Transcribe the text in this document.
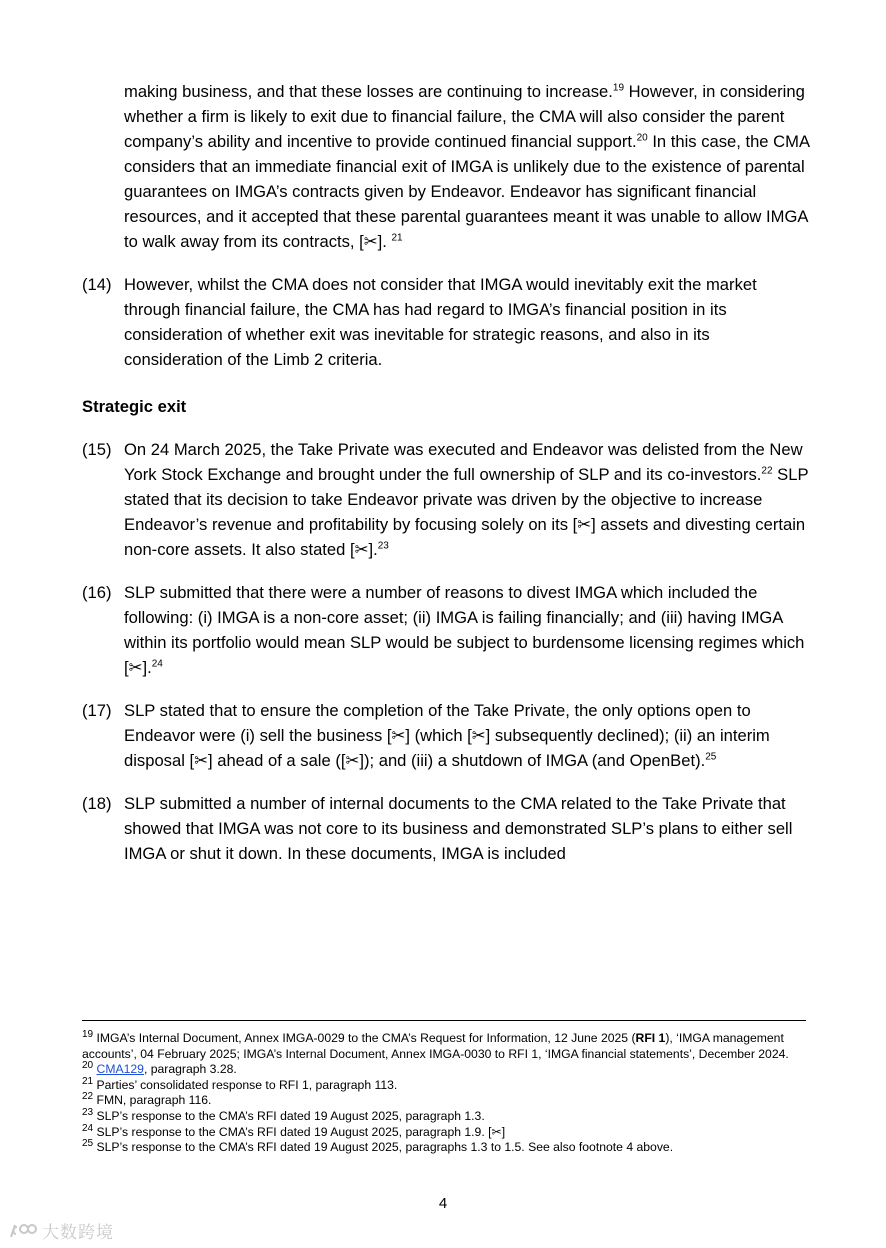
making business, and that these losses are continuing to increase.$^{19}$ However, in considering whether a firm is likely to exit due to financial failure, the CMA will also consider the parent company’s ability and incentive to provide continued financial support.$^{20}$ In this case, the CMA considers that an immediate financial exit of IMGA is unlikely due to the existence of parental guarantees on IMGA’s contracts given by Endeavor. Endeavor has significant financial resources, and it accepted that these parental guarantees meant it was unable to allow IMGA to walk away from its contracts, [✂]. $^{21}$

(14) However, whilst the CMA does not consider that IMGA would inevitably exit the market through financial failure, the CMA has had regard to IMGA’s financial position in its consideration of whether exit was inevitable for strategic reasons, and also in its consideration of the Limb 2 criteria.

Strategic exit

(15) On 24 March 2025, the Take Private was executed and Endeavor was delisted from the New York Stock Exchange and brought under the full ownership of SLP and its co-investors.$^{22}$ SLP stated that its decision to take Endeavor private was driven by the objective to increase Endeavor’s revenue and profitability by focusing solely on its [✂] assets and divesting certain non-core assets. It also stated [✂].$^{23}$

(16) SLP submitted that there were a number of reasons to divest IMGA which included the following: (i) IMGA is a non-core asset; (ii) IMGA is failing financially; and (iii) having IMGA within its portfolio would mean SLP would be subject to burdensome licensing regimes which [✂].$^{24}$

(17) SLP stated that to ensure the completion of the Take Private, the only options open to Endeavor were (i) sell the business [✂] (which [✂] subsequently declined); (ii) an interim disposal [✂] ahead of a sale ([✂]); and (iii) a shutdown of IMGA (and OpenBet).$^{25}$

(18) SLP submitted a number of internal documents to the CMA related to the Take Private that showed that IMGA was not core to its business and demonstrated SLP’s plans to either sell IMGA or shut it down. In these documents, IMGA is included

$^{19}$ IMGA’s Internal Document, Annex IMGA-0029 to the CMA’s Request for Information, 12 June 2025 (RFI 1), ‘IMGA management accounts’, 04 February 2025; IMGA’s Internal Document, Annex IMGA-0030 to RFI 1, ‘IMGA financial statements’, December 2024.

$^{20}$ CMA129, paragraph 3.28.

$^{21}$ Parties’ consolidated response to RFI 1, paragraph 113.

$^{22}$ FMN, paragraph 116.

$^{23}$ SLP’s response to the CMA’s RFI dated 19 August 2025, paragraph 1.3.

$^{24}$ SLP’s response to the CMA’s RFI dated 19 August 2025, paragraph 1.9. [✂]

$^{25}$ SLP’s response to the CMA’s RFI dated 19 August 2025, paragraphs 1.3 to 1.5. See also footnote 4 above.

4
大数跨境
